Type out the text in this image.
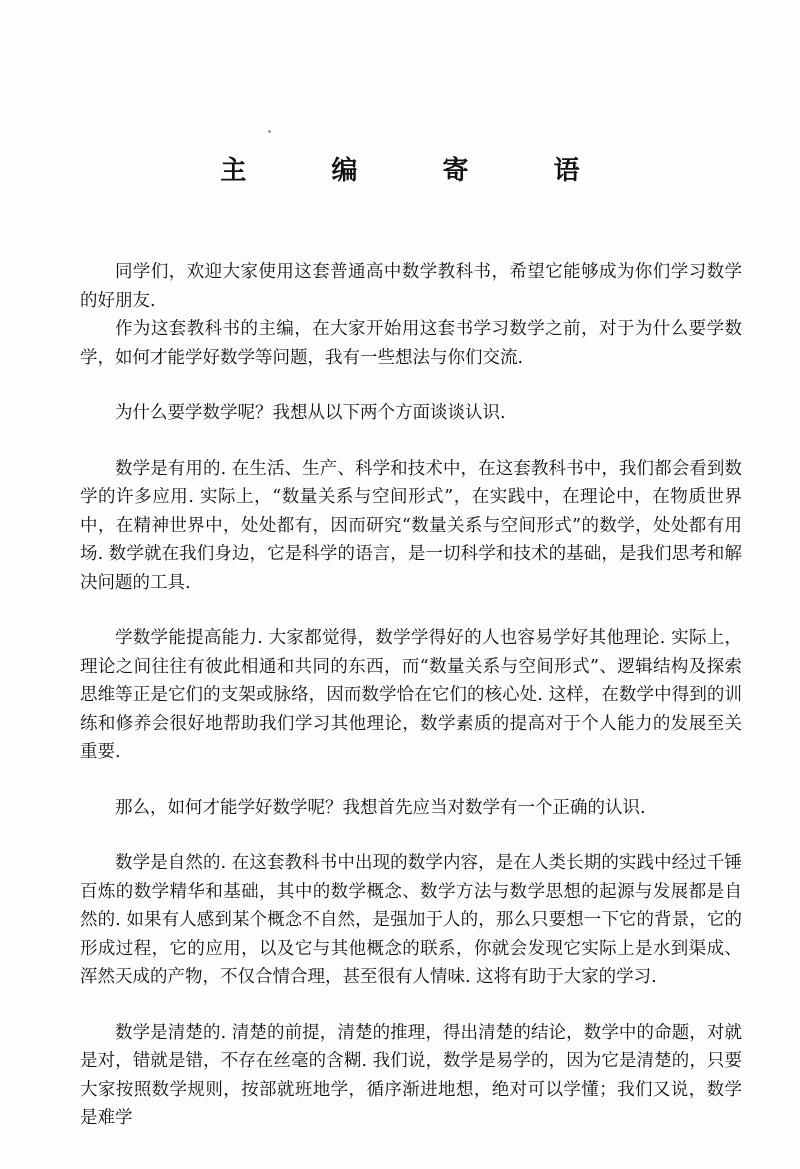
主 编 寄 语

同学们，欢迎大家使用这套普通高中数学教科书，希望它能够成为你们学习数学的好朋友.

作为这套教科书的主编，在大家开始用这套书学习数学之前，对于为什么要学数学，如何才能学好数学等问题，我有一些想法与你们交流.

为什么要学数学呢？我想从以下两个方面谈谈认识.

数学是有用的. 在生活、生产、科学和技术中，在这套教科书中，我们都会看到数学的许多应用. 实际上，“数量关系与空间形式”，在实践中，在理论中，在物质世界中，在精神世界中，处处都有，因而研究“数量关系与空间形式”的数学，处处都有用场. 数学就在我们身边，它是科学的语言，是一切科学和技术的基础，是我们思考和解决问题的工具.

学数学能提高能力. 大家都觉得，数学学得好的人也容易学好其他理论. 实际上，理论之间往往有彼此相通和共同的东西，而“数量关系与空间形式”、逻辑结构及探索思维等正是它们的支架或脉络，因而数学恰在它们的核心处. 这样，在数学中得到的训练和修养会很好地帮助我们学习其他理论，数学素质的提高对于个人能力的发展至关重要.

那么，如何才能学好数学呢？我想首先应当对数学有一个正确的认识.

数学是自然的. 在这套教科书中出现的数学内容，是在人类长期的实践中经过千锤百炼的数学精华和基础，其中的数学概念、数学方法与数学思想的起源与发展都是自然的. 如果有人感到某个概念不自然，是强加于人的，那么只要想一下它的背景，它的形成过程，它的应用，以及它与其他概念的联系，你就会发现它实际上是水到渠成、浑然天成的产物，不仅合情合理，甚至很有人情味. 这将有助于大家的学习.

数学是清楚的. 清楚的前提，清楚的推理，得出清楚的结论，数学中的命题，对就是对，错就是错，不存在丝毫的含糊. 我们说，数学是易学的，因为它是清楚的，只要大家按照数学规则，按部就班地学，循序渐进地想，绝对可以学懂；我们又说，数学是难学
